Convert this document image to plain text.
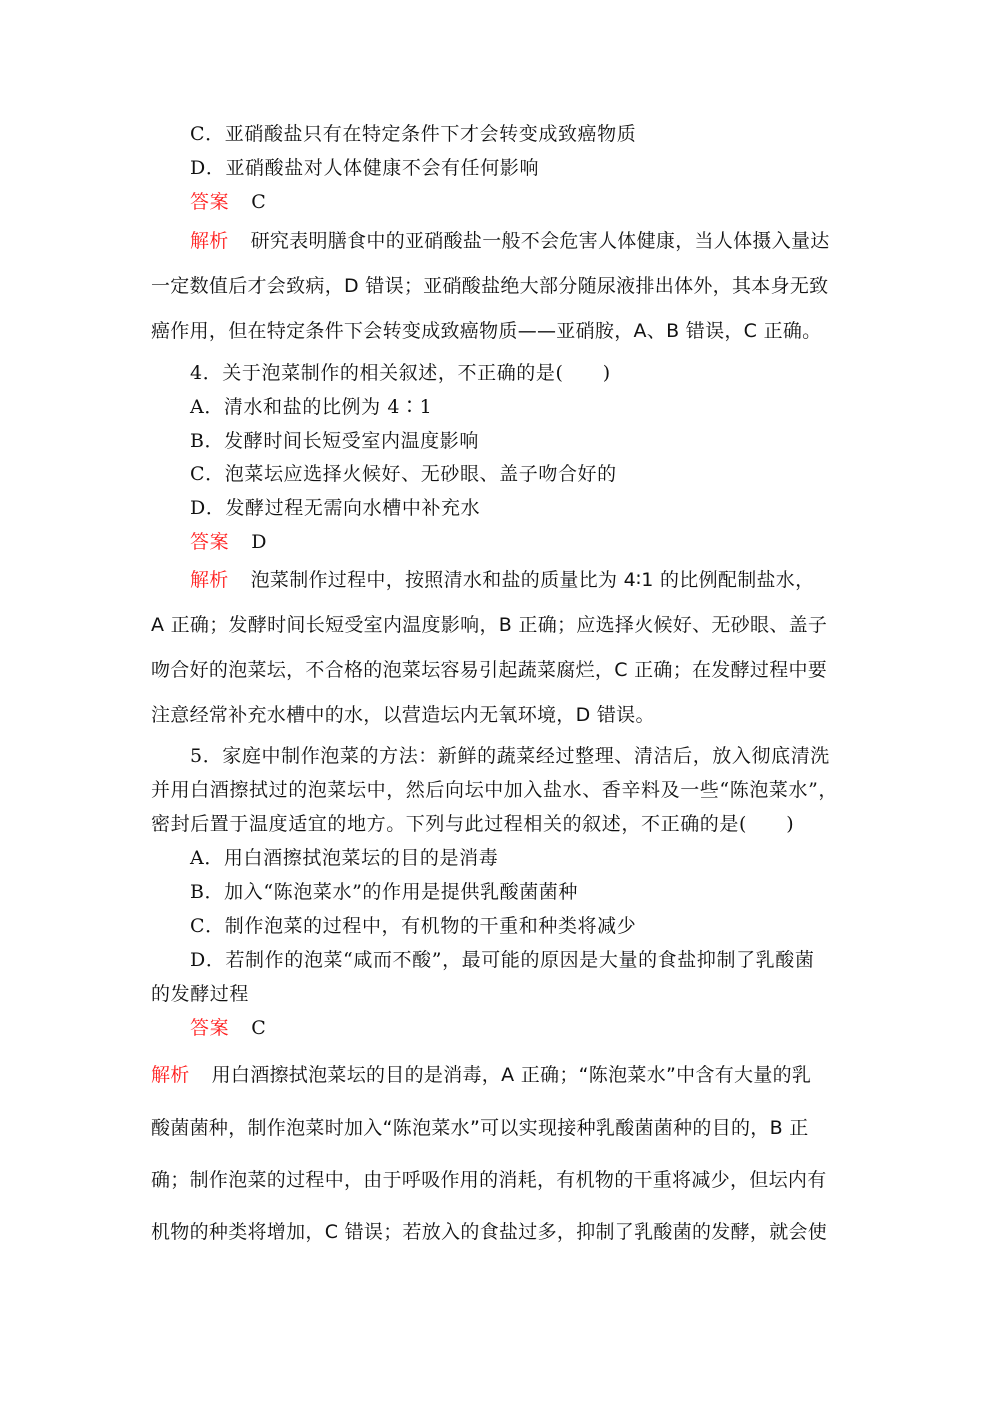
C．亚硝酸盐只有在特定条件下才会转变成致癌物质
D．亚硝酸盐对人体健康不会有任何影响
答案 C
解析 研究表明膳食中的亚硝酸盐一般不会危害人体健康，当人体摄入量达
一定数值后才会致病，D 错误；亚硝酸盐绝大部分随尿液排出体外，其本身无致
癌作用，但在特定条件下会转变成致癌物质——亚硝胺，A、B 错误，C 正确。
4．关于泡菜制作的相关叙述，不正确的是(　　)
A．清水和盐的比例为 4∶1
B．发酵时间长短受室内温度影响
C．泡菜坛应选择火候好、无砂眼、盖子吻合好的
D．发酵过程无需向水槽中补充水
答案 D
解析 泡菜制作过程中，按照清水和盐的质量比为 4∶1 的比例配制盐水，
A 正确；发酵时间长短受室内温度影响，B 正确；应选择火候好、无砂眼、盖子
吻合好的泡菜坛，不合格的泡菜坛容易引起蔬菜腐烂，C 正确；在发酵过程中要
注意经常补充水槽中的水，以营造坛内无氧环境，D 错误。
5．家庭中制作泡菜的方法：新鲜的蔬菜经过整理、清洁后，放入彻底清洗
并用白酒擦拭过的泡菜坛中，然后向坛中加入盐水、香辛料及一些“陈泡菜水”，
密封后置于温度适宜的地方。下列与此过程相关的叙述，不正确的是(　　)
A．用白酒擦拭泡菜坛的目的是消毒
B．加入“陈泡菜水”的作用是提供乳酸菌菌种
C．制作泡菜的过程中，有机物的干重和种类将减少
D．若制作的泡菜“咸而不酸”，最可能的原因是大量的食盐抑制了乳酸菌
的发酵过程
答案 C
解析 用白酒擦拭泡菜坛的目的是消毒，A 正确；“陈泡菜水”中含有大量的乳
酸菌菌种，制作泡菜时加入“陈泡菜水”可以实现接种乳酸菌菌种的目的，B 正
确；制作泡菜的过程中，由于呼吸作用的消耗，有机物的干重将减少，但坛内有
机物的种类将增加，C 错误；若放入的食盐过多，抑制了乳酸菌的发酵，就会使
